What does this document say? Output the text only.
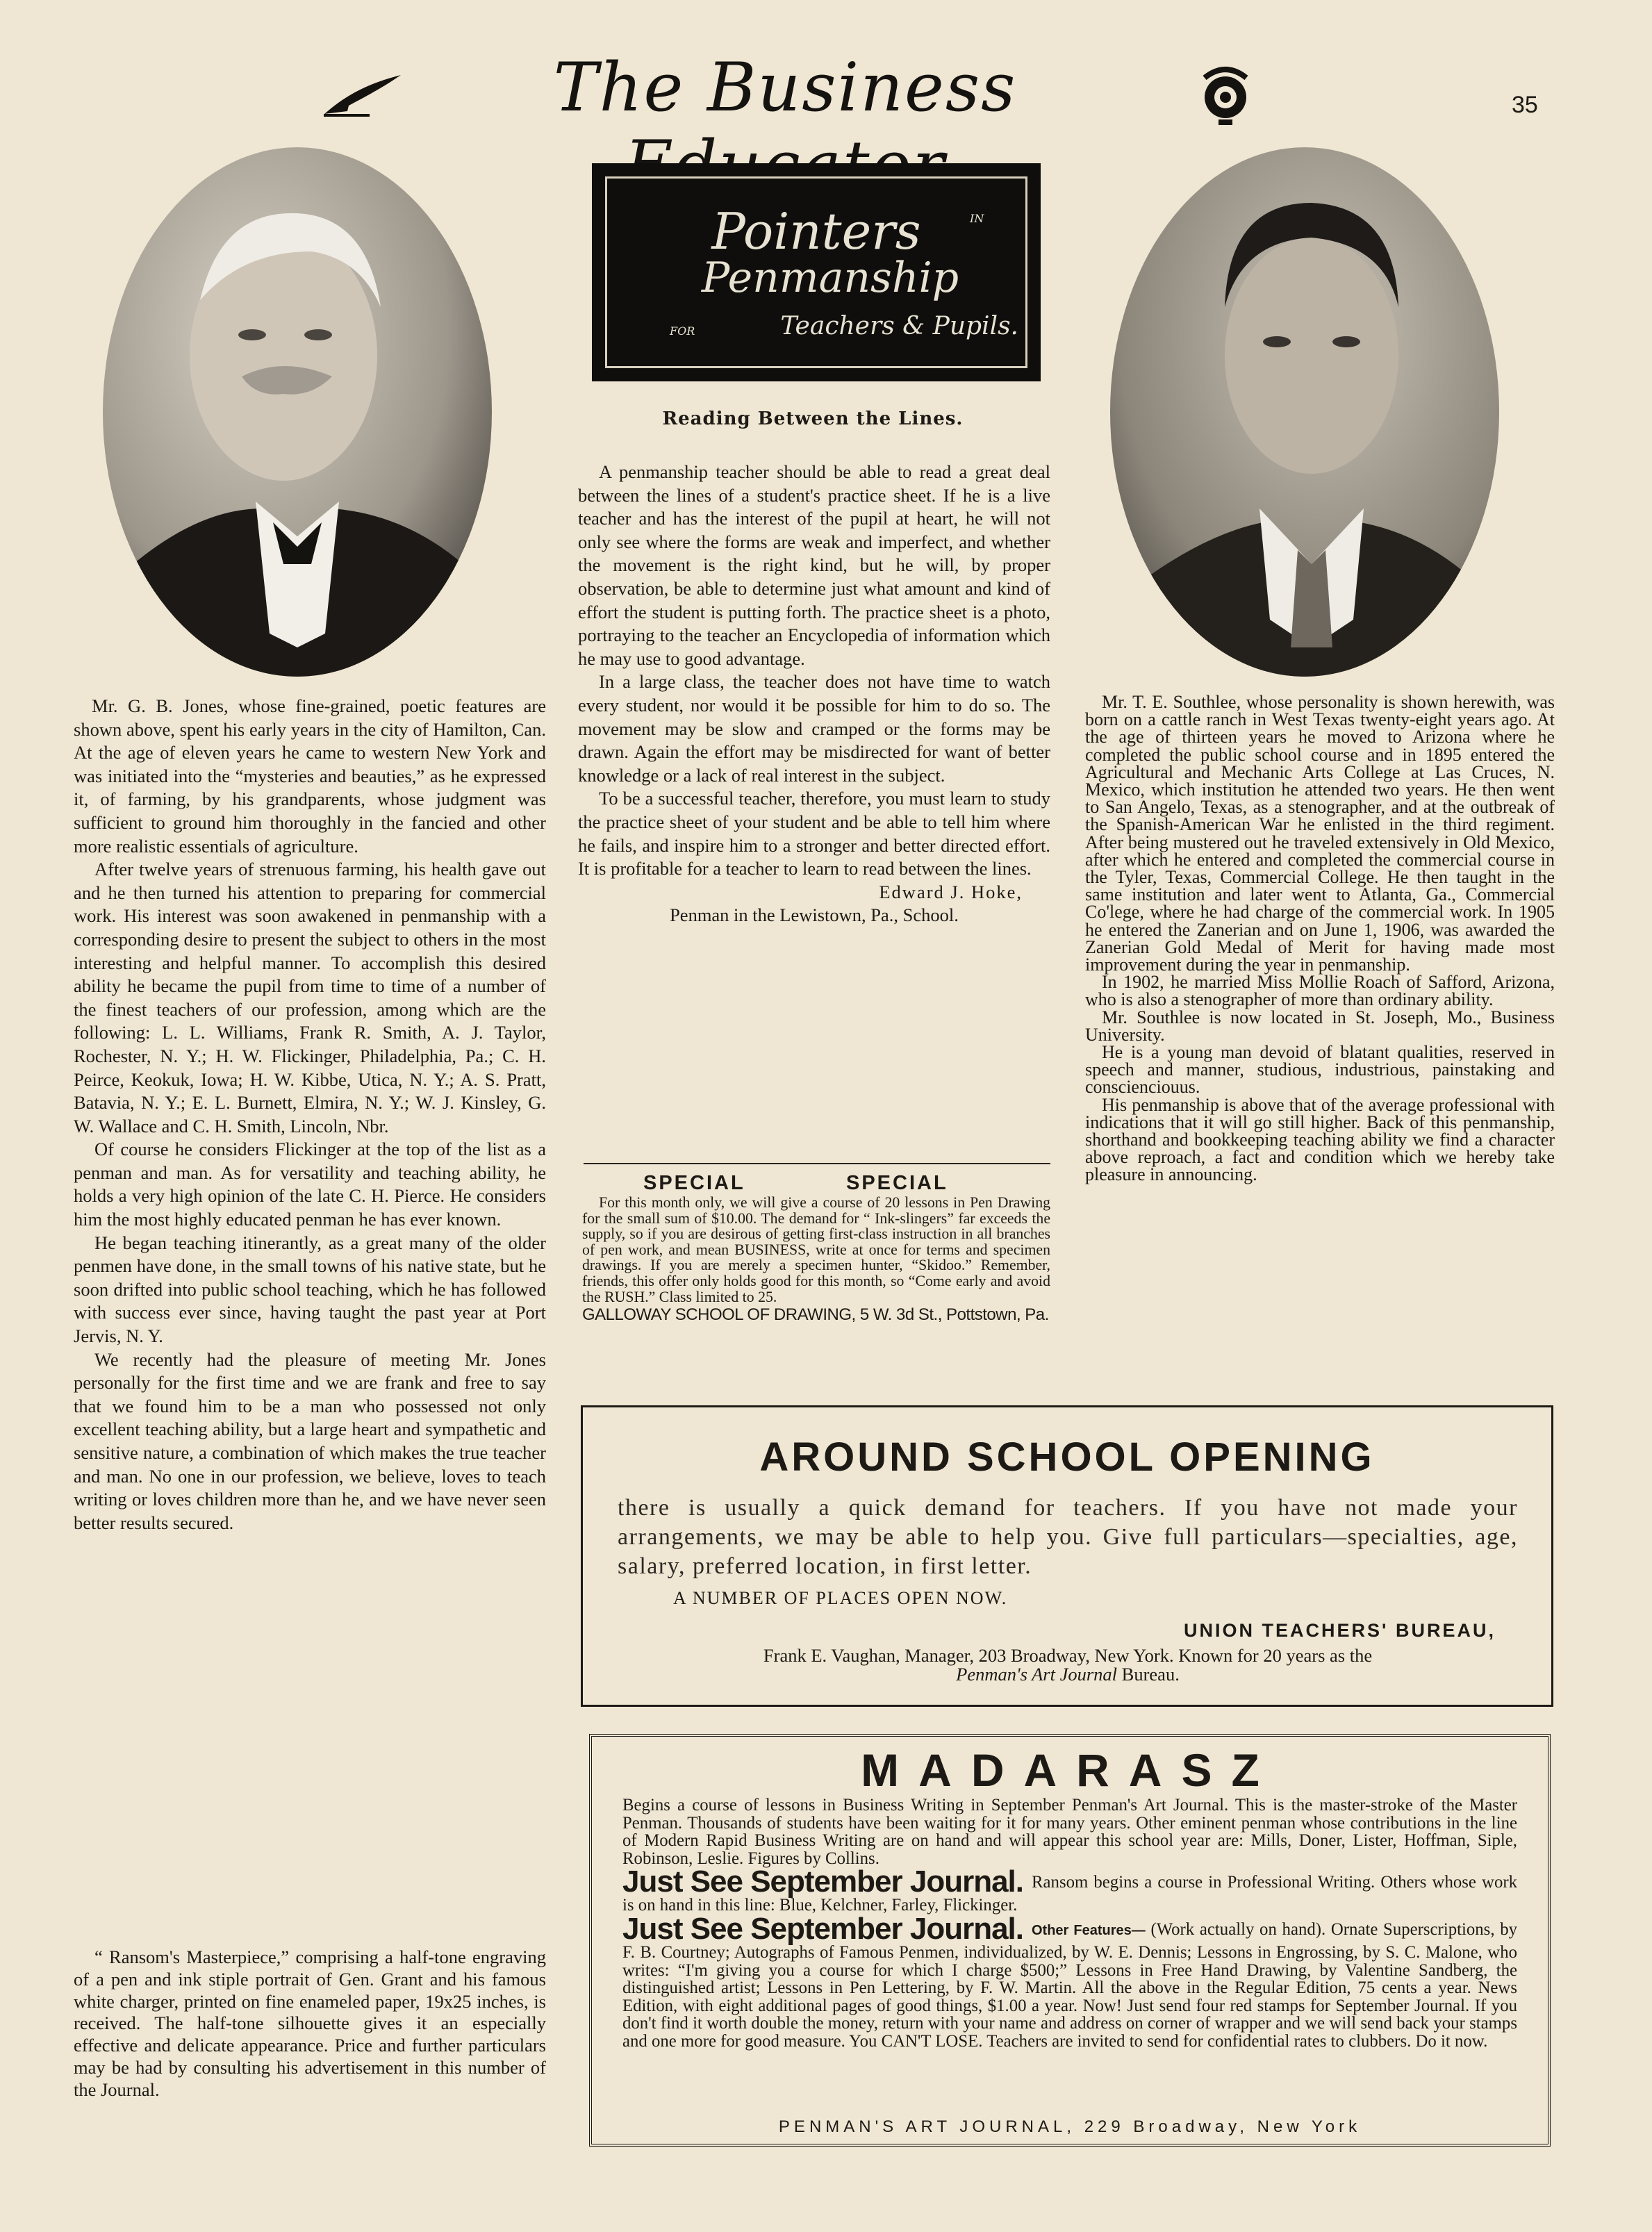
The Business	35
Pointers	IN
Penmanship
FOR	Teachers & Pupils.
Reading Between the Lines.

A penmanship teacher should be able to read a great deal between the lines of a student's practice sheet. If he is a live teacher and has the interest of the pupil at heart, he will not only see where the forms are weak and imperfect, and whether the movement is the right kind, but he will, by proper observation, be able to determine just what amount and kind of effort the student is putting forth. The practice sheet is a photo, portraying to the teacher an Encyclopedia of information which he may use to good advantage.

In a large class, the teacher does not have time to watch every student, nor would it be possible for him to do so. The movement may be slow and cramped or the forms may be drawn. Again the effort may be misdirected for want of better knowledge or a lack of real interest in the subject.

To be a successful teacher, therefore, you must learn to study the practice sheet of your student and be able to tell him where he fails, and inspire him to a stronger and better directed effort. It is profitable for a teacher to learn to read between the lines.

Edward J. Hoke,

Penman in the Lewistown, Pa., School.

SPECIAL	SPECIAL

For this month only, we will give a course of 20 lessons in Pen Drawing for the small sum of $10.00. The demand for “ Ink-slingers” far exceeds the supply, so if you are desirous of getting first-class instruction in all branches of pen work, and mean BUSINESS, write at once for terms and specimen drawings. If you are merely a specimen hunter, “Skidoo.” Remember, friends, this offer only holds good for this month, so “Come early and avoid the RUSH.” Class limited to 25.

GALLOWAY SCHOOL OF DRAWING, 5 W. 3d St., Pottstown, Pa.

Mr. G. B. Jones, whose fine-grained, poetic features are shown above, spent his early years in the city of Hamilton, Can. At the age of eleven years he came to western New York and was initiated into the “mysteries and beauties,” as he expressed it, of farming, by his grandparents, whose judgment was sufficient to ground him thoroughly in the fancied and other more realistic essentials of agriculture.

After twelve years of strenuous farming, his health gave out and he then turned his attention to preparing for commercial work. His interest was soon awakened in penmanship with a corresponding desire to present the subject to others in the most interesting and helpful manner. To accomplish this desired ability he became the pupil from time to time of a number of the finest teachers of our profession, among which are the following: L. L. Williams, Frank R. Smith, A. J. Taylor, Rochester, N. Y.; H. W. Flickinger, Philadelphia, Pa.; C. H. Peirce, Keokuk, Iowa; H. W. Kibbe, Utica, N. Y.; A. S. Pratt, Batavia, N. Y.; E. L. Burnett, Elmira, N. Y.; W. J. Kinsley, G. W. Wallace and C. H. Smith, Lincoln, Nbr.

Of course he considers Flickinger at the top of the list as a penman and man. As for versatility and teaching ability, he holds a very high opinion of the late C. H. Pierce. He considers him the most highly educated penman he has ever known.

He began teaching itinerantly, as a great many of the older penmen have done, in the small towns of his native state, but he soon drifted into public school teaching, which he has followed with success ever since, having taught the past year at Port Jervis, N. Y.

We recently had the pleasure of meeting Mr. Jones personally for the first time and we are frank and free to say that we found him to be a man who possessed not only excellent teaching ability, but a large heart and sympathetic and sensitive nature, a combination of which makes the true teacher and man. No one in our profession, we believe, loves to teach writing or loves children more than he, and we have never seen better results secured.

“ Ransom's Masterpiece,” comprising a half-tone engraving of a pen and ink stiple portrait of Gen. Grant and his famous white charger, printed on fine enameled paper, 19x25 inches, is received. The half-tone silhouette gives it an especially effective and delicate appearance. Price and further particulars may be had by consulting his advertisement in this number of the Journal.

Mr. T. E. Southlee, whose personality is shown herewith, was born on a cattle ranch in West Texas twenty-eight years ago. At the age of thirteen years he moved to Arizona where he completed the public school course and in 1895 entered the Agricultural and Mechanic Arts College at Las Cruces, N. Mexico, which institution he attended two years. He then went to San Angelo, Texas, as a stenographer, and at the outbreak of the Spanish-American War he enlisted in the third regiment. After being mustered out he traveled extensively in Old Mexico, after which he entered and completed the commercial course in the Tyler, Texas, Commercial College. He then taught in the same institution and later went to Atlanta, Ga., Commercial Co'lege, where he had charge of the commercial work. In 1905 he entered the Zanerian and on June 1, 1906, was awarded the Zanerian Gold Medal of Merit for having made most improvement during the year in penmanship.

In 1902, he married Miss Mollie Roach of Safford, Arizona, who is also a stenographer of more than ordinary ability.

Mr. Southlee is now located in St. Joseph, Mo., Business University.

He is a young man devoid of blatant qualities, reserved in speech and manner, studious, industrious, painstaking and conscienciouus.

His penmanship is above that of the average professional with indications that it will go still higher. Back of this penmanship, shorthand and bookkeeping teaching ability we find a character above reproach, a fact and condition which we hereby take pleasure in announcing.

AROUND SCHOOL OPENING
there is usually a quick demand for teachers. If you have not made your arrangements, we may be able to help you. Give full particulars—specialties, age, salary, preferred location, in first letter.
A NUMBER OF PLACES OPEN NOW.
UNION TEACHERS' BUREAU,
Frank E. Vaughan, Manager, 203 Broadway, New York. Known for 20 years as the
Penman's Art Journal Bureau.
MADARASZ
Begins a course of lessons in Business Writing in September Penman's Art Journal. This is the master-stroke of the Master Penman. Thousands of students have been waiting for it for many years. Other eminent penman whose contributions in the line of Modern Rapid Business Writing are on hand and will appear this school year are: Mills, Doner, Lister, Hoffman, Siple, Robinson, Leslie. Figures by Collins.
Just See September Journal. Ransom begins a course in Professional Writing. Others whose work is on hand in this line: Blue, Kelchner, Farley, Flickinger.
Just See September Journal. Other Features— (Work actually on hand). Ornate Superscriptions, by F. B. Courtney; Autographs of Famous Penmen, individualized, by W. E. Dennis; Lessons in Engrossing, by S. C. Malone, who writes: “I'm giving you a course for which I charge $500;” Lessons in Free Hand Drawing, by Valentine Sandberg, the distinguished artist; Lessons in Pen Lettering, by F. W. Martin. All the above in the Regular Edition, 75 cents a year. News Edition, with eight additional pages of good things, $1.00 a year. Now! Just send four red stamps for September Journal. If you don't find it worth double the money, return with your name and address on corner of wrapper and we will send back your stamps and one more for good measure. You CAN'T LOSE. Teachers are invited to send for confidential rates to clubbers. Do it now.
PENMAN'S ART JOURNAL, 229 Broadway, New York
